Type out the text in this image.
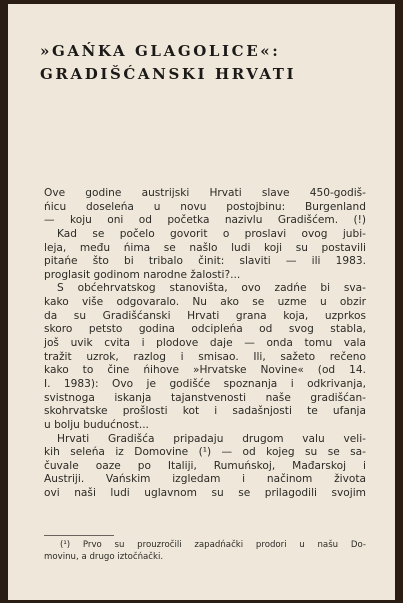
»GAŃKA GLAGOLICE«:
GRADIŠĆANSKI HRVATI
Ove godine austrijski Hrvati slave 450-godiš-
ńicu doseleńa u novu postojbinu: Burgenland
— koju oni od početka nazivlu Gradišćem. (!)
Kad se počelo govorit o proslavi ovog jubi-
leja, među ńima se našlo ludi koji su postavili
pitańe što bi tribalo činit: slaviti — ili 1983.
proglasit godinom narodne žalosti?...
S obćehrvatskog stanovišta, ovo zadńe bi sva-
kako više odgovaralo. Nu ako se uzme u obzir
da su Gradišćanski Hrvati grana koja, uzprkos
skoro petsto godina odcipleńa od svog stabla,
još uvik cvita i plodove daje — onda tomu vala
tražit uzrok, razlog i smisao. Ili, sažeto rečeno
kako to čine ńihove »Hrvatske Novine« (od 14.
I. 1983): Ovo je godišće spoznanja i odkrivanja,
svistnoga iskanja tajanstvenosti naše gradišćan-
skohrvatske prošlosti kot i sadašnjosti te ufanja
u bolju budućnost...
Hrvati Gradišća pripadaju drugom valu veli-
kih seleńa iz Domovine (¹) — od kojeg su se sa-
čuvale oaze po Italiji, Rumuńskoj, Mađarskoj i
Austriji. Vańskim izgledam i načinom života
ovi naši ludi uglavnom su se prilagodili svojim
(¹) Prvo su prouzročili zapadńački prodori u našu Do-
movinu, a drugo iztočńački.
